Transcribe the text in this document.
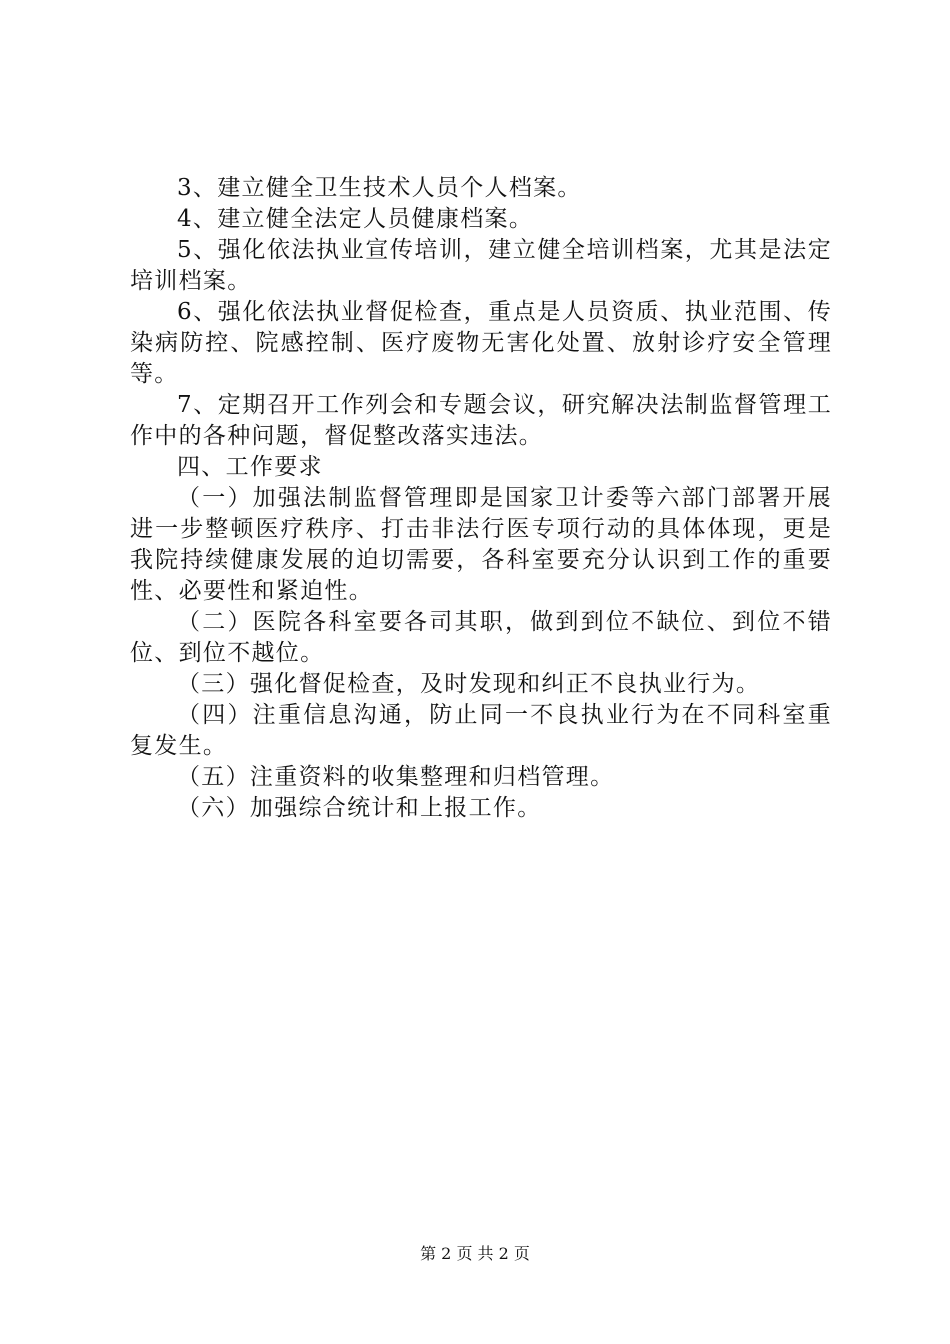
3、建立健全卫生技术人员个人档案。

4、建立健全法定人员健康档案。

5、强化依法执业宣传培训，建立健全培训档案，尤其是法定培训档案。

6、强化依法执业督促检查，重点是人员资质、执业范围、传染病防控、院感控制、医疗废物无害化处置、放射诊疗安全管理等。

7、定期召开工作列会和专题会议，研究解决法制监督管理工作中的各种问题，督促整改落实违法。

四、工作要求

（一）加强法制监督管理即是国家卫计委等六部门部署开展进一步整顿医疗秩序、打击非法行医专项行动的具体体现，更是我院持续健康发展的迫切需要，各科室要充分认识到工作的重要性、必要性和紧迫性。

（二）医院各科室要各司其职，做到到位不缺位、到位不错位、到位不越位。

（三）强化督促检查，及时发现和纠正不良执业行为。

（四）注重信息沟通，防止同一不良执业行为在不同科室重复发生。

（五）注重资料的收集整理和归档管理。

（六）加强综合统计和上报工作。

第 2 页 共 2 页
